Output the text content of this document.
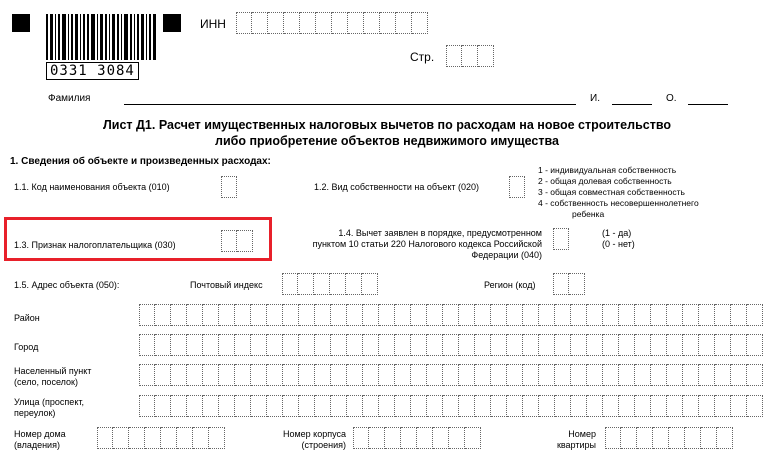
0331 3084
ИНН
Стр.
Фамилия	И.	О.
Лист Д1. Расчет имущественных налоговых вычетов по расходам на новое строительство
либо приобретение объектов недвижимого имущества
1. Сведения об объекте и произведенных расходах:
1.1. Код наименования объекта (010)	1.2. Вид собственности на объект (020)
1 - индивидуальная собственность
2 - общая долевая собственность
3 - общая совместная собственность
4 - собственность несовершеннолетнего
ребенка
1.3. Признак налогоплательщика (030)
1.4. Вычет заявлен в порядке, предусмотренном
пунктом 10 статьи 220 Налогового кодекса Российской
Федерации (040)
(1 - да)
(0 - нет)
1.5. Адрес объекта (050):	Почтовый индекс	Регион (код)
Район
Город
Населенный пункт
(село, поселок)
Улица (проспект,
переулок)
Номер дома
(владения)
Номер корпуса
(строения)
Номер
квартиры
